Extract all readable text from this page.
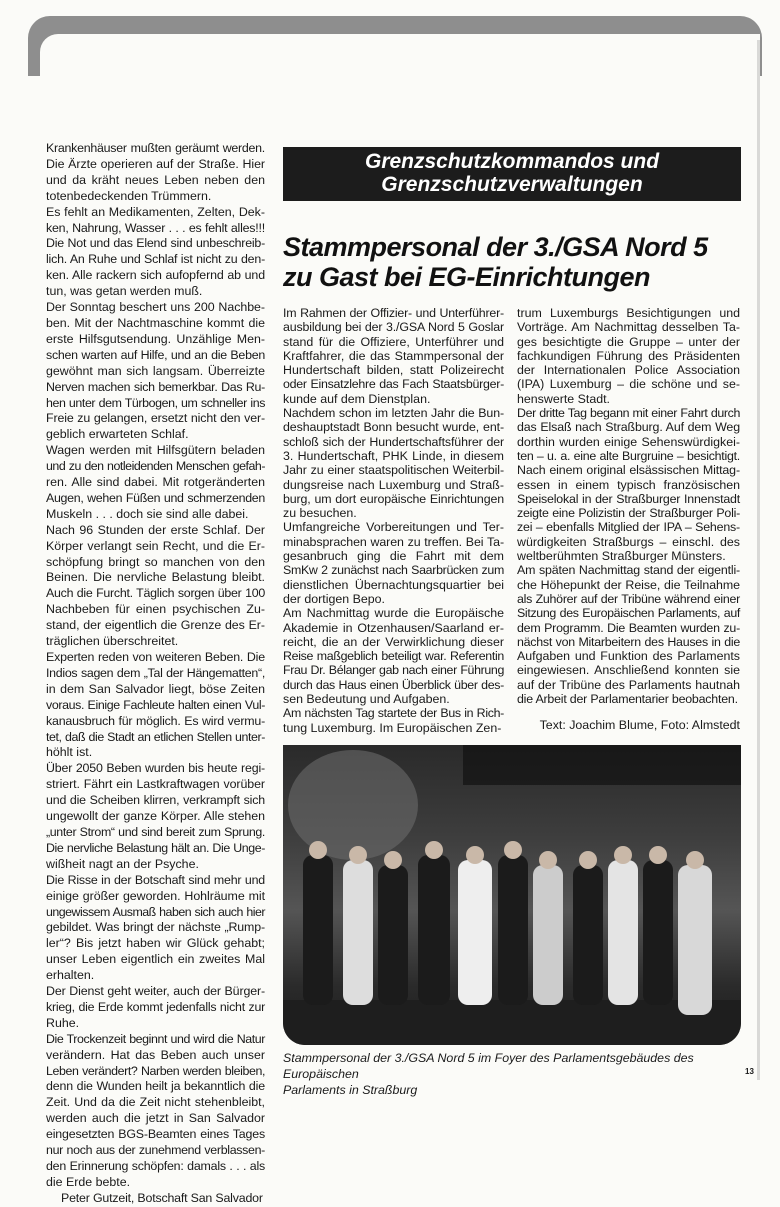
Krankenhäuser mußten geräumt werden.
Die Ärzte operieren auf der Straße. Hier
und da kräht neues Leben neben den
totenbedeckenden Trümmern.
Es fehlt an Medikamenten, Zelten, Dek-
ken, Nahrung, Wasser . . . es fehlt alles!!!
Die Not und das Elend sind unbeschreib-
lich. An Ruhe und Schlaf ist nicht zu den-
ken. Alle rackern sich aufopfernd ab und
tun, was getan werden muß.
Der Sonntag beschert uns 200 Nachbe-
ben. Mit der Nachtmaschine kommt die
erste Hilfsgutsendung. Unzählige Men-
schen warten auf Hilfe, und an die Beben
gewöhnt man sich langsam. Überreizte
Nerven machen sich bemerkbar. Das Ru-
hen unter dem Türbogen, um schneller ins
Freie zu gelangen, ersetzt nicht den ver-
geblich erwarteten Schlaf.
Wagen werden mit Hilfsgütern beladen
und zu den notleidenden Menschen gefah-
ren. Alle sind dabei. Mit rotgeränderten
Augen, wehen Füßen und schmerzenden
Muskeln . . . doch sie sind alle dabei.
Nach 96 Stunden der erste Schlaf. Der
Körper verlangt sein Recht, und die Er-
schöpfung bringt so manchen von den
Beinen. Die nervliche Belastung bleibt.
Auch die Furcht. Täglich sorgen über 100
Nachbeben für einen psychischen Zu-
stand, der eigentlich die Grenze des Er-
träglichen überschreitet.
Experten reden von weiteren Beben. Die
Indios sagen dem „Tal der Hängematten“,
in dem San Salvador liegt, böse Zeiten
voraus. Einige Fachleute halten einen Vul-
kanausbruch für möglich. Es wird vermu-
tet, daß die Stadt an etlichen Stellen unter-
höhlt ist.
Über 2050 Beben wurden bis heute regi-
striert. Fährt ein Lastkraftwagen vorüber
und die Scheiben klirren, verkrampft sich
ungewollt der ganze Körper. Alle stehen
„unter Strom“ und sind bereit zum Sprung.
Die nervliche Belastung hält an. Die Unge-
wißheit nagt an der Psyche.
Die Risse in der Botschaft sind mehr und
einige größer geworden. Hohlräume mit
ungewissem Ausmaß haben sich auch hier
gebildet. Was bringt der nächste „Rump-
ler“? Bis jetzt haben wir Glück gehabt;
unser Leben eigentlich ein zweites Mal
erhalten.
Der Dienst geht weiter, auch der Bürger-
krieg, die Erde kommt jedenfalls nicht zur
Ruhe.
Die Trockenzeit beginnt und wird die Natur
verändern. Hat das Beben auch unser
Leben verändert? Narben werden bleiben,
denn die Wunden heilt ja bekanntlich die
Zeit. Und da die Zeit nicht stehenbleibt,
werden auch die jetzt in San Salvador
eingesetzten BGS-Beamten eines Tages
nur noch aus der zunehmend verblassen-
den Erinnerung schöpfen: damals . . . als
die Erde bebte.
Peter Gutzeit, Botschaft San Salvador
Grenzschutzkommandos und
Grenzschutzverwaltungen
Stammpersonal der 3./GSA Nord 5
zu Gast bei EG-Einrichtungen
Im Rahmen der Offizier- und Unterführer-
ausbildung bei der 3./GSA Nord 5 Goslar
stand für die Offiziere, Unterführer und
Kraftfahrer, die das Stammpersonal der
Hundertschaft bilden, statt Polizeirecht
oder Einsatzlehre das Fach Staatsbürger-
kunde auf dem Dienstplan.
Nachdem schon im letzten Jahr die Bun-
deshauptstadt Bonn besucht wurde, ent-
schloß sich der Hundertschaftsführer der
3. Hundertschaft, PHK Linde, in diesem
Jahr zu einer staatspolitischen Weiterbil-
dungsreise nach Luxemburg und Straß-
burg, um dort europäische Einrichtungen
zu besuchen.
Umfangreiche Vorbereitungen und Ter-
minabsprachen waren zu treffen. Bei Ta-
gesanbruch ging die Fahrt mit dem
SmKw 2 zunächst nach Saarbrücken zum
dienstlichen Übernachtungsquartier bei
der dortigen Bepo.
Am Nachmittag wurde die Europäische
Akademie in Otzenhausen/Saarland er-
reicht, die an der Verwirklichung dieser
Reise maßgeblich beteiligt war. Referentin
Frau Dr. Bélanger gab nach einer Führung
durch das Haus einen Überblick über des-
sen Bedeutung und Aufgaben.
Am nächsten Tag startete der Bus in Rich-
tung Luxemburg. Im Europäischen Zen-
trum Luxemburgs Besichtigungen und
Vorträge. Am Nachmittag desselben Ta-
ges besichtigte die Gruppe – unter der
fachkundigen Führung des Präsidenten
der Internationalen Police Association
(IPA) Luxemburg – die schöne und se-
henswerte Stadt.
Der dritte Tag begann mit einer Fahrt durch
das Elsaß nach Straßburg. Auf dem Weg
dorthin wurden einige Sehenswürdigkei-
ten – u. a. eine alte Burgruine – besichtigt.
Nach einem original elsässischen Mittag-
essen in einem typisch französischen
Speiselokal in der Straßburger Innenstadt
zeigte eine Polizistin der Straßburger Poli-
zei – ebenfalls Mitglied der IPA – Sehens-
würdigkeiten Straßburgs – einschl. des
weltberühmten Straßburger Münsters.
Am späten Nachmittag stand der eigentli-
che Höhepunkt der Reise, die Teilnahme
als Zuhörer auf der Tribüne während einer
Sitzung des Europäischen Parlaments, auf
dem Programm. Die Beamten wurden zu-
nächst von Mitarbeitern des Hauses in die
Aufgaben und Funktion des Parlaments
eingewiesen. Anschließend konnten sie
auf der Tribüne des Parlaments hautnah
die Arbeit der Parlamentarier beobachten.
Text: Joachim Blume, Foto: Almstedt
Stammpersonal der 3./GSA Nord 5 im Foyer des Parlamentsgebäudes des Europäischen
Parlaments in Straßburg
13
